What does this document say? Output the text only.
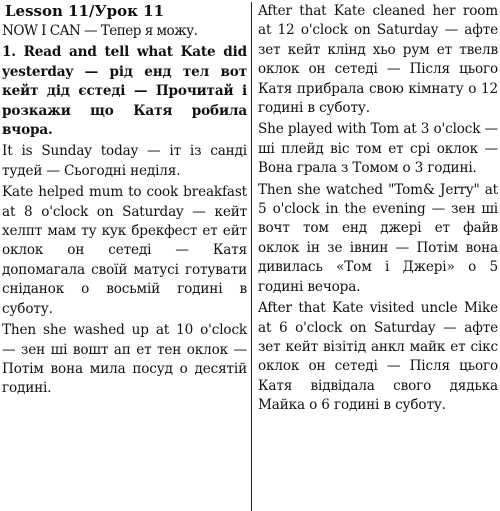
Lesson 11/Урок 11
NOW I CAN — Тепер я можу.
1. Read and tell what Kate did yesterday — рід енд тел вот кейт дід єстеді — Прочитай і розкажи що Катя робила вчора.
It is Sunday today — іт із санді тудей — Сьогодні неділя.
Kate helped mum to cook breakfast at 8 o'clock on Saturday — кейт хелпт мам ту кук брекфест ет ейт оклок он сетеді — Катя допомагала своїй матусі готувати сніданок о восьмій годині в суботу.
Then she washed up at 10 o'clock — зен ші вошт ап ет тен оклок — Потім вона мила посуд о десятій годині.
After that Kate cleaned her room at 12 o'clock on Saturday — афте зет кейт клінд хьо рум ет твелв оклок он сетеді — Після цього Катя прибрала свою кімнату о 12 годині в суботу.
She played with Tom at 3 o'clock — ші плейд віс том ет срі оклок — Вона грала з Томом о 3 годині.
Then she watched "Tom& Jerry" at 5 o'clock in the evening — зен ші вочт том енд джері ет файв оклок ін зе івнин — Потім вона дивилась «Том і Джері» о 5 годині вечора.
After that Kate visited uncle Mike at 6 o'clock on Saturday — афте зет кейт візітід анкл майк ет сікс оклок он сетеді — Після цього Катя відвідала свого дядька Майка о 6 годині в суботу.
